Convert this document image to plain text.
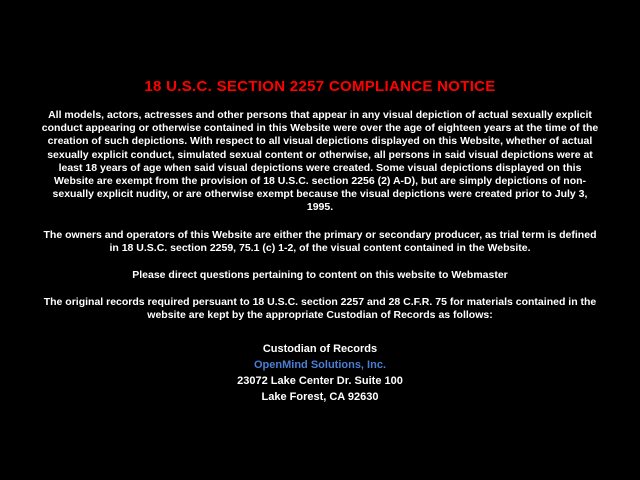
18 U.S.C. SECTION 2257 COMPLIANCE NOTICE
All models, actors, actresses and other persons that appear in any visual depiction of actual sexually explicit conduct appearing or otherwise contained in this Website were over the age of eighteen years at the time of the creation of such depictions. With respect to all visual depictions displayed on this Website, whether of actual sexually explicit conduct, simulated sexual content or otherwise, all persons in said visual depictions were at least 18 years of age when said visual depictions were created. Some visual depictions displayed on this Website are exempt from the provision of 18 U.S.C. section 2256 (2) A-D), but are simply depictions of non-sexually explicit nudity, or are otherwise exempt because the visual depictions were created prior to July 3, 1995.
The owners and operators of this Website are either the primary or secondary producer, as trial term is defined in 18 U.S.C. section 2259, 75.1 (c) 1-2, of the visual content contained in the Website.
Please direct questions pertaining to content on this website to Webmaster
The original records required persuant to 18 U.S.C. section 2257 and 28 C.F.R. 75 for materials contained in the website are kept by the appropriate Custodian of Records as follows:
Custodian of Records
OpenMind Solutions, Inc.
23072 Lake Center Dr. Suite 100
Lake Forest, CA 92630
